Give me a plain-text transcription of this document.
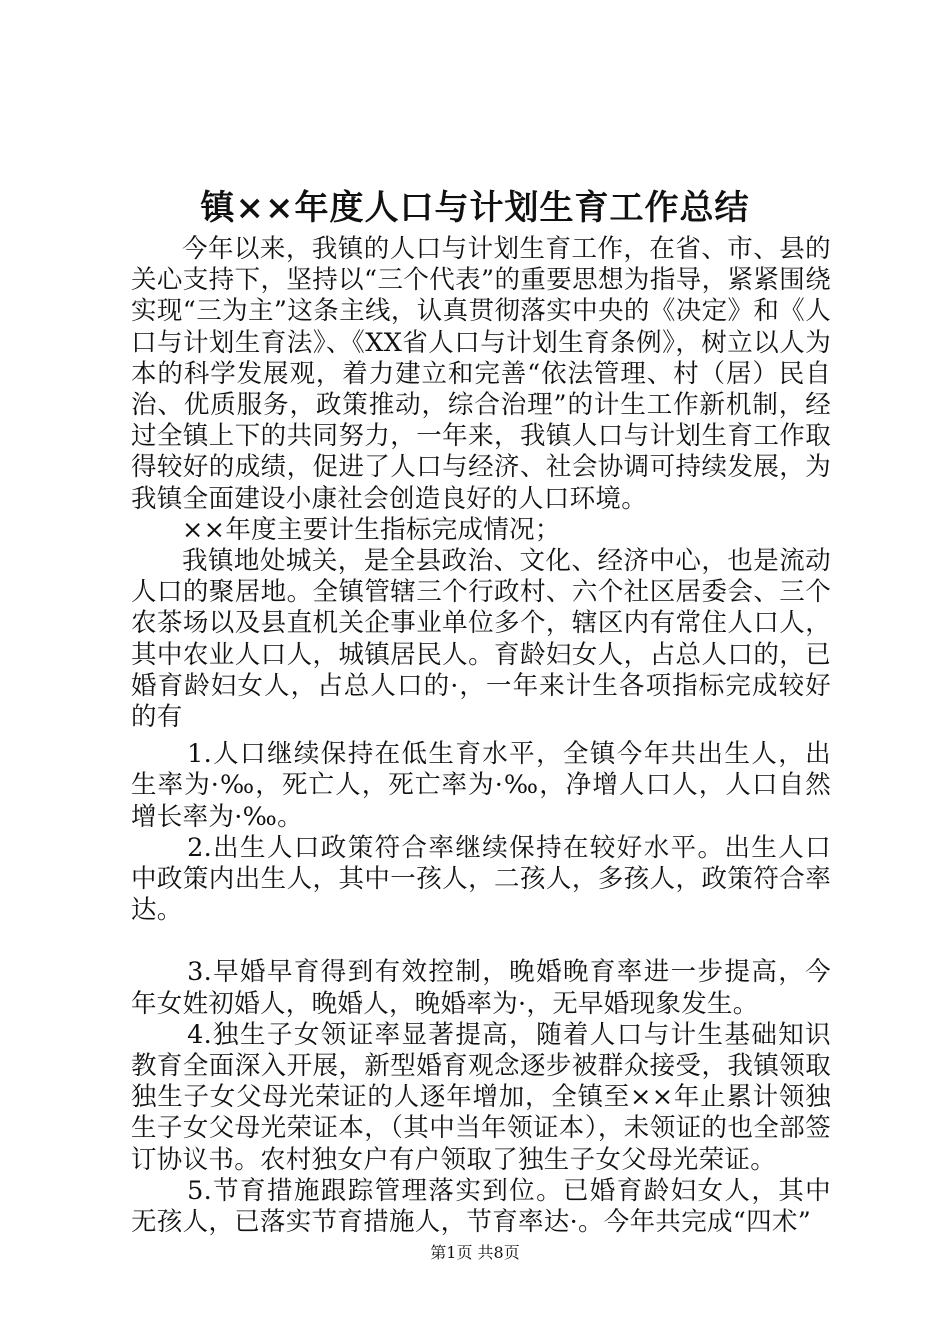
镇××年度人口与计划生育工作总结

今年以来，我镇的人口与计划生育工作，在省、市、县的关心支持下，坚持以“三个代表”的重要思想为指导，紧紧围绕实现“三为主”这条主线，认真贯彻落实中央的《决定》和《人口与计划生育法》、《XX省人口与计划生育条例》，树立以人为本的科学发展观，着力建立和完善“依法管理、村（居）民自治、优质服务，政策推动，综合治理”的计生工作新机制，经过全镇上下的共同努力，一年来，我镇人口与计划生育工作取得较好的成绩，促进了人口与经济、社会协调可持续发展，为我镇全面建设小康社会创造良好的人口环境。

××年度主要计生指标完成情况；

我镇地处城关，是全县政治、文化、经济中心，也是流动人口的聚居地。全镇管辖三个行政村、六个社区居委会、三个农茶场以及县直机关企事业单位多个，辖区内有常住人口人，其中农业人口人，城镇居民人。育龄妇女人，占总人口的，已婚育龄妇女人，占总人口的·，一年来计生各项指标完成较好的有

1.人口继续保持在低生育水平，全镇今年共出生人，出生率为·‰，死亡人，死亡率为·‰，净增人口人，人口自然增长率为·‰。

2.出生人口政策符合率继续保持在较好水平。出生人口中政策内出生人，其中一孩人，二孩人，多孩人，政策符合率达。

3.早婚早育得到有效控制，晚婚晚育率进一步提高，今年女姓初婚人，晚婚人，晚婚率为·，无早婚现象发生。

4.独生子女领证率显著提高，随着人口与计生基础知识教育全面深入开展，新型婚育观念逐步被群众接受，我镇领取独生子女父母光荣证的人逐年增加，全镇至××年止累计领独生子女父母光荣证本，（其中当年领证本），未领证的也全部签订协议书。农村独女户有户领取了独生子女父母光荣证。

5.节育措施跟踪管理落实到位。已婚育龄妇女人，其中无孩人，已落实节育措施人，节育率达·。今年共完成“四术”

第1页 共8页
